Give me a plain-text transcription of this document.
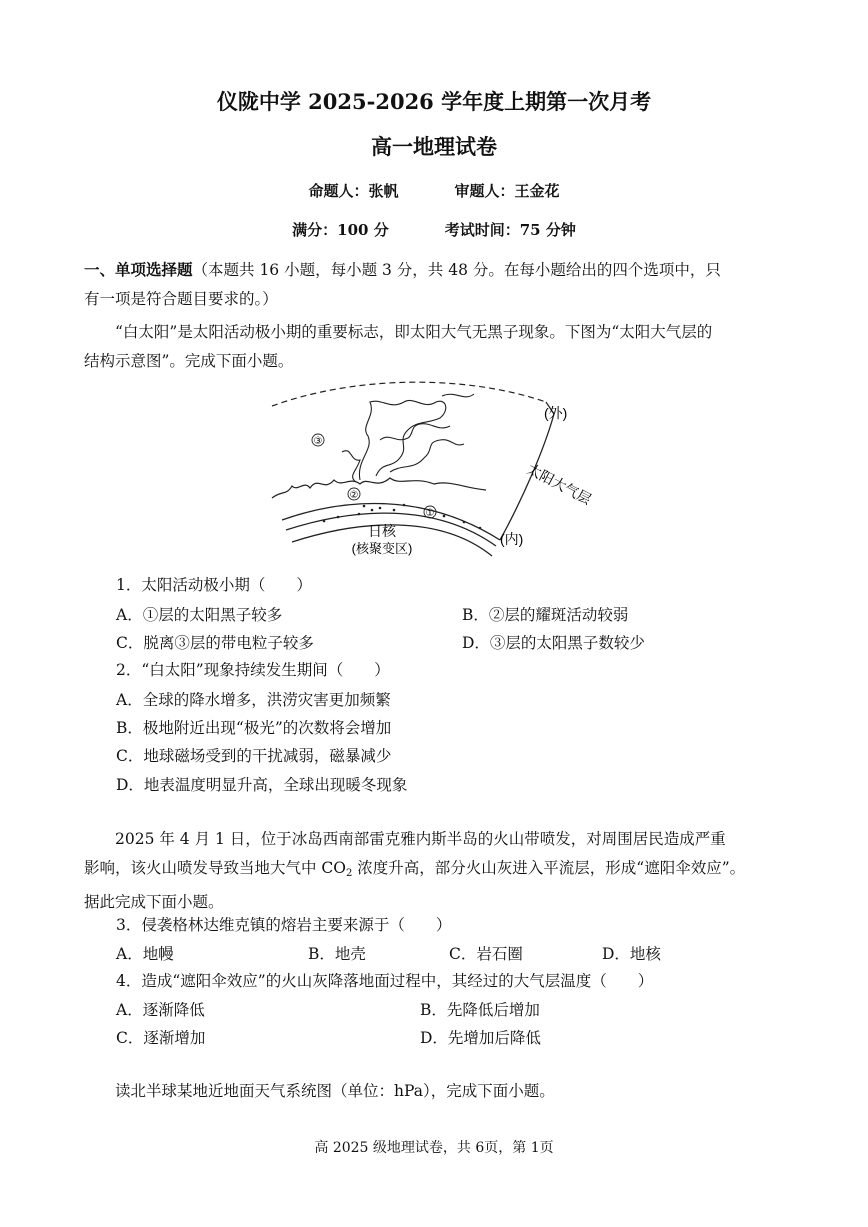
仪陇中学 2025-2026 学年度上期第一次月考
高一地理试卷
命题人：张帆	审题人：王金花
满分：100 分	考试时间：75 分钟
一、单项选择题（本题共 16 小题，每小题 3 分，共 48 分。在每小题给出的四个选项中，只
有一项是符合题目要求的。）
“白太阳”是太阳活动极小期的重要标志，即太阳大气无黑子现象。下图为“太阳大气层的
结构示意图”。完成下面小题。
③
②
①
(外)
(内)
太阳大气层
日核
(核聚变区)
1．太阳活动极小期（　　）
A．①层的太阳黑子较多	B．②层的耀斑活动较弱
C．脱离③层的带电粒子较多	D．③层的太阳黑子数较少
2．“白太阳”现象持续发生期间（　　）
A．全球的降水增多，洪涝灾害更加频繁
B．极地附近出现“极光”的次数将会增加
C．地球磁场受到的干扰减弱，磁暴减少
D．地表温度明显升高，全球出现暖冬现象
2025 年 4 月 1 日，位于冰岛西南部雷克雅内斯半岛的火山带喷发，对周围居民造成严重
影响，该火山喷发导致当地大气中 $CO_2$ 浓度升高，部分火山灰进入平流层，形成“遮阳伞效应”。
据此完成下面小题。
3．侵袭格林达维克镇的熔岩主要来源于（　　）
A．地幔	B．地壳	C．岩石圈	D．地核
4．造成“遮阳伞效应”的火山灰降落地面过程中，其经过的大气层温度（　　）
A．逐渐降低	B．先降低后增加
C．逐渐增加	D．先增加后降低
读北半球某地近地面天气系统图（单位：hPa），完成下面小题。
高 2025 级地理试卷，共 6页，第 1页
